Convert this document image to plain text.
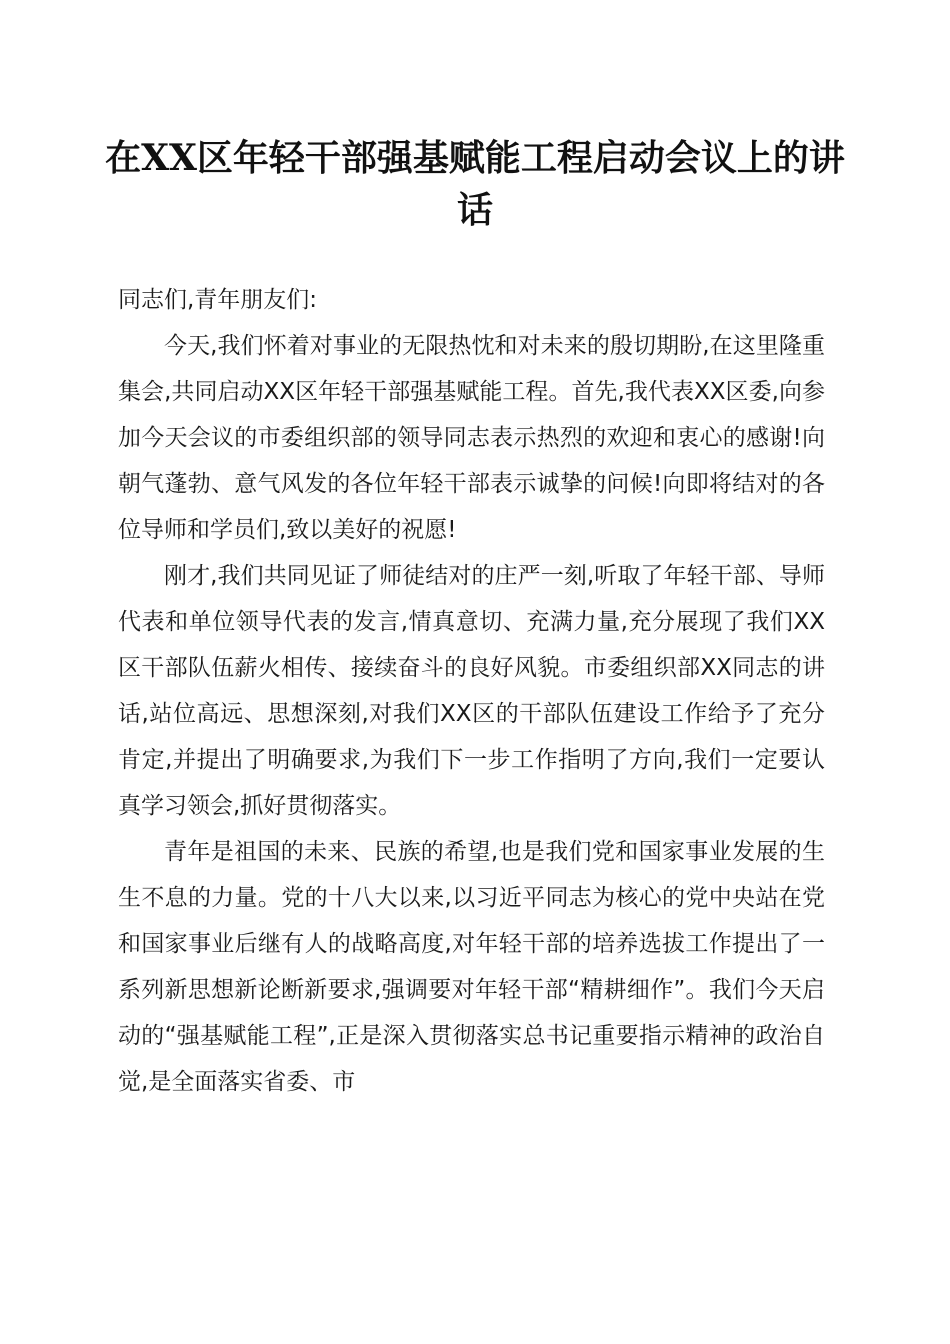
在XX区年轻干部强基赋能工程启动会议上的讲话

同志们,青年朋友们:

今天,我们怀着对事业的无限热忱和对未来的殷切期盼,在这里隆重集会,共同启动XX区年轻干部强基赋能工程。首先,我代表XX区委,向参加今天会议的市委组织部的领导同志表示热烈的欢迎和衷心的感谢!向朝气蓬勃、意气风发的各位年轻干部表示诚挚的问候!向即将结对的各位导师和学员们,致以美好的祝愿!

刚才,我们共同见证了师徒结对的庄严一刻,听取了年轻干部、导师代表和单位领导代表的发言,情真意切、充满力量,充分展现了我们XX区干部队伍薪火相传、接续奋斗的良好风貌。市委组织部XX同志的讲话,站位高远、思想深刻,对我们XX区的干部队伍建设工作给予了充分肯定,并提出了明确要求,为我们下一步工作指明了方向,我们一定要认真学习领会,抓好贯彻落实。

青年是祖国的未来、民族的希望,也是我们党和国家事业发展的生生不息的力量。党的十八大以来,以习近平同志为核心的党中央站在党和国家事业后继有人的战略高度,对年轻干部的培养选拔工作提出了一系列新思想新论断新要求,强调要对年轻干部“精耕细作”。我们今天启动的“强基赋能工程”,正是深入贯彻落实总书记重要指示精神的政治自觉,是全面落实省委、市
